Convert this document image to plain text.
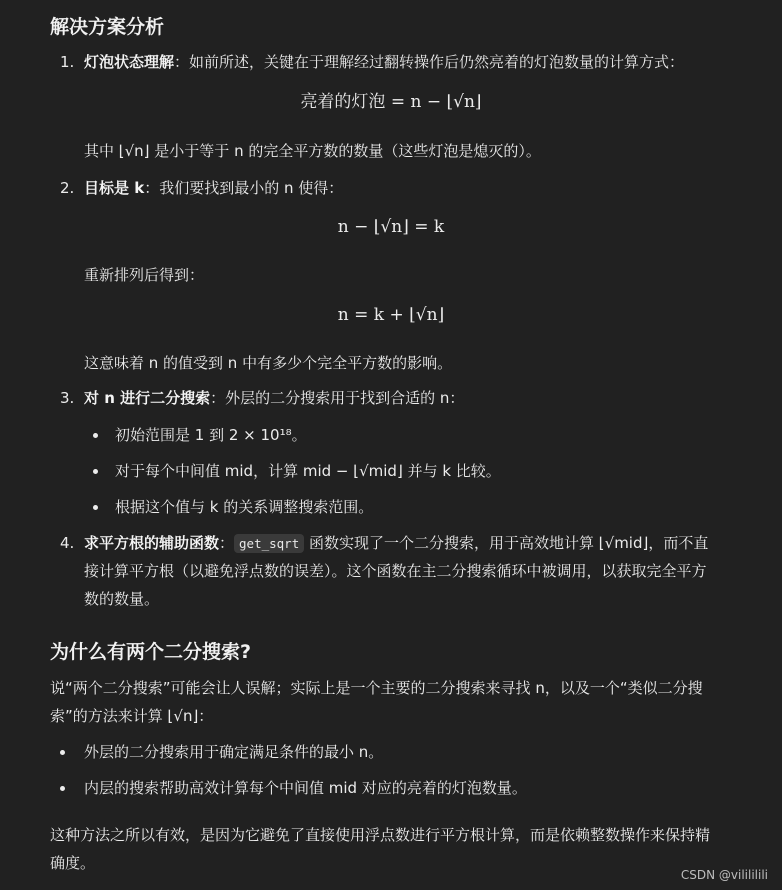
解决方案分析
1. 灯泡状态理解：如前所述，关键在于理解经过翻转操作后仍然亮着的灯泡数量的计算方式：
亮着的灯泡 = n − ⌊√n⌋
其中 ⌊√n⌋ 是小于等于 n 的完全平方数的数量（这些灯泡是熄灭的）。
2. 目标是 k：我们要找到最小的 n 使得：
n − ⌊√n⌋ = k
重新排列后得到：
n = k + ⌊√n⌋
这意味着 n 的值受到 n 中有多少个完全平方数的影响。
3. 对 n 进行二分搜索：外层的二分搜索用于找到合适的 n：
初始范围是 1 到 2 × 10¹⁸。
对于每个中间值 mid，计算 mid − ⌊√mid⌋ 并与 k 比较。
根据这个值与 k 的关系调整搜索范围。
4. 求平方根的辅助函数： get_sqrt 函数实现了一个二分搜索，用于高效地计算 ⌊√mid⌋，而不直
接计算平方根（以避免浮点数的误差）。这个函数在主二分搜索循环中被调用，以获取完全平方
数的数量。
为什么有两个二分搜索?
说“两个二分搜索”可能会让人误解；实际上是一个主要的二分搜索来寻找 n，以及一个“类似二分搜
索”的方法来计算 ⌊√n⌋：
外层的二分搜索用于确定满足条件的最小 n。
内层的搜索帮助高效计算每个中间值 mid 对应的亮着的灯泡数量。
这种方法之所以有效，是因为它避免了直接使用浮点数进行平方根计算，而是依赖整数操作来保持精
确度。
CSDN @vilililili
